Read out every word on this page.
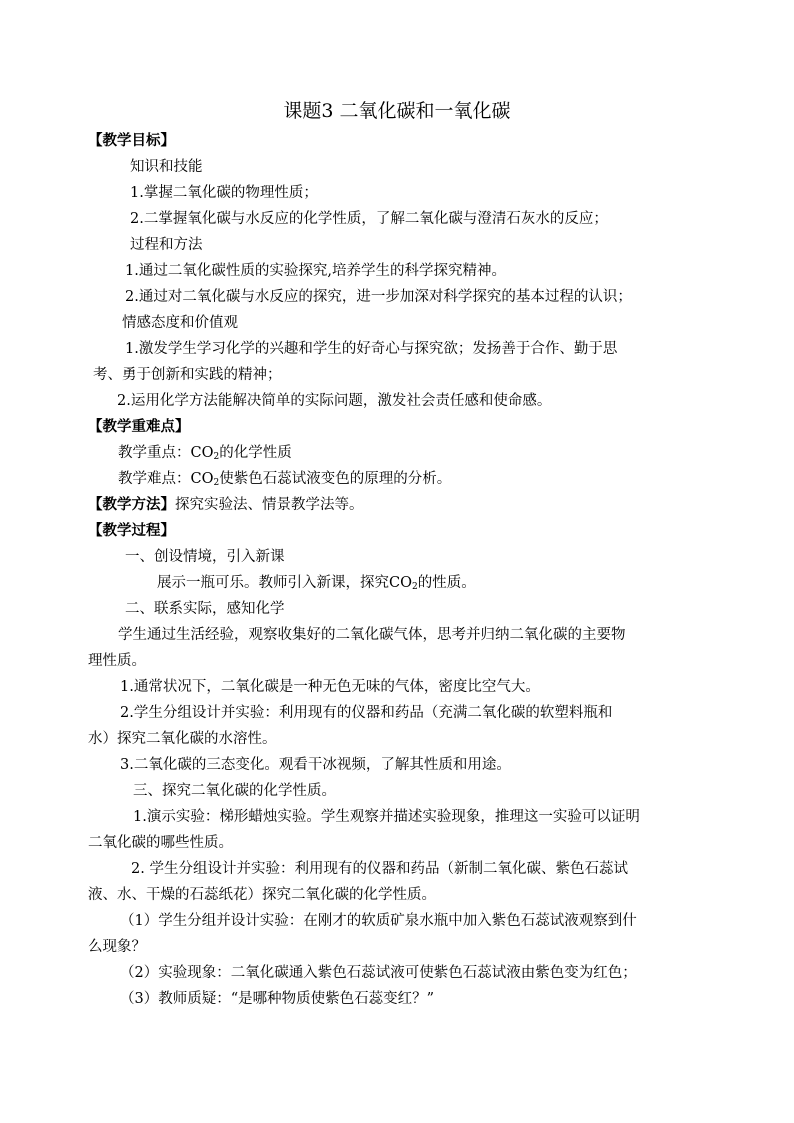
课题3 二氧化碳和一氧化碳
【教学目标】
知识和技能
1.掌握二氧化碳的物理性质；
2.二掌握氧化碳与水反应的化学性质，了解二氧化碳与澄清石灰水的反应；
过程和方法
1.通过二氧化碳性质的实验探究,培养学生的科学探究精神。
2.通过对二氧化碳与水反应的探究，进一步加深对科学探究的基本过程的认识；
情感态度和价值观
1.激发学生学习化学的兴趣和学生的好奇心与探究欲；发扬善于合作、勤于思
考、勇于创新和实践的精神；
2.运用化学方法能解决简单的实际问题，激发社会责任感和使命感。
【教学重难点】
教学重点：$CO_2$的化学性质
教学难点：$CO_2$使紫色石蕊试液变色的原理的分析。
【教学方法】探究实验法、情景教学法等。
【教学过程】
一、创设情境，引入新课
展示一瓶可乐。教师引入新课，探究$CO_2$的性质。
二、联系实际，感知化学
学生通过生活经验，观察收集好的二氧化碳气体，思考并归纳二氧化碳的主要物
理性质。
1.通常状况下，二氧化碳是一种无色无味的气体，密度比空气大。
2.学生分组设计并实验：利用现有的仪器和药品（充满二氧化碳的软塑料瓶和
水）探究二氧化碳的水溶性。
3.二氧化碳的三态变化。观看干冰视频，了解其性质和用途。
三、探究二氧化碳的化学性质。
1.演示实验：梯形蜡烛实验。学生观察并描述实验现象，推理这一实验可以证明
二氧化碳的哪些性质。
2. 学生分组设计并实验：利用现有的仪器和药品（新制二氧化碳、紫色石蕊试
液、水、干燥的石蕊纸花）探究二氧化碳的化学性质。
（1）学生分组并设计实验：在刚才的软质矿泉水瓶中加入紫色石蕊试液观察到什
么现象？
（2）实验现象：二氧化碳通入紫色石蕊试液可使紫色石蕊试液由紫色变为红色；
（3）教师质疑：“是哪种物质使紫色石蕊变红？”
